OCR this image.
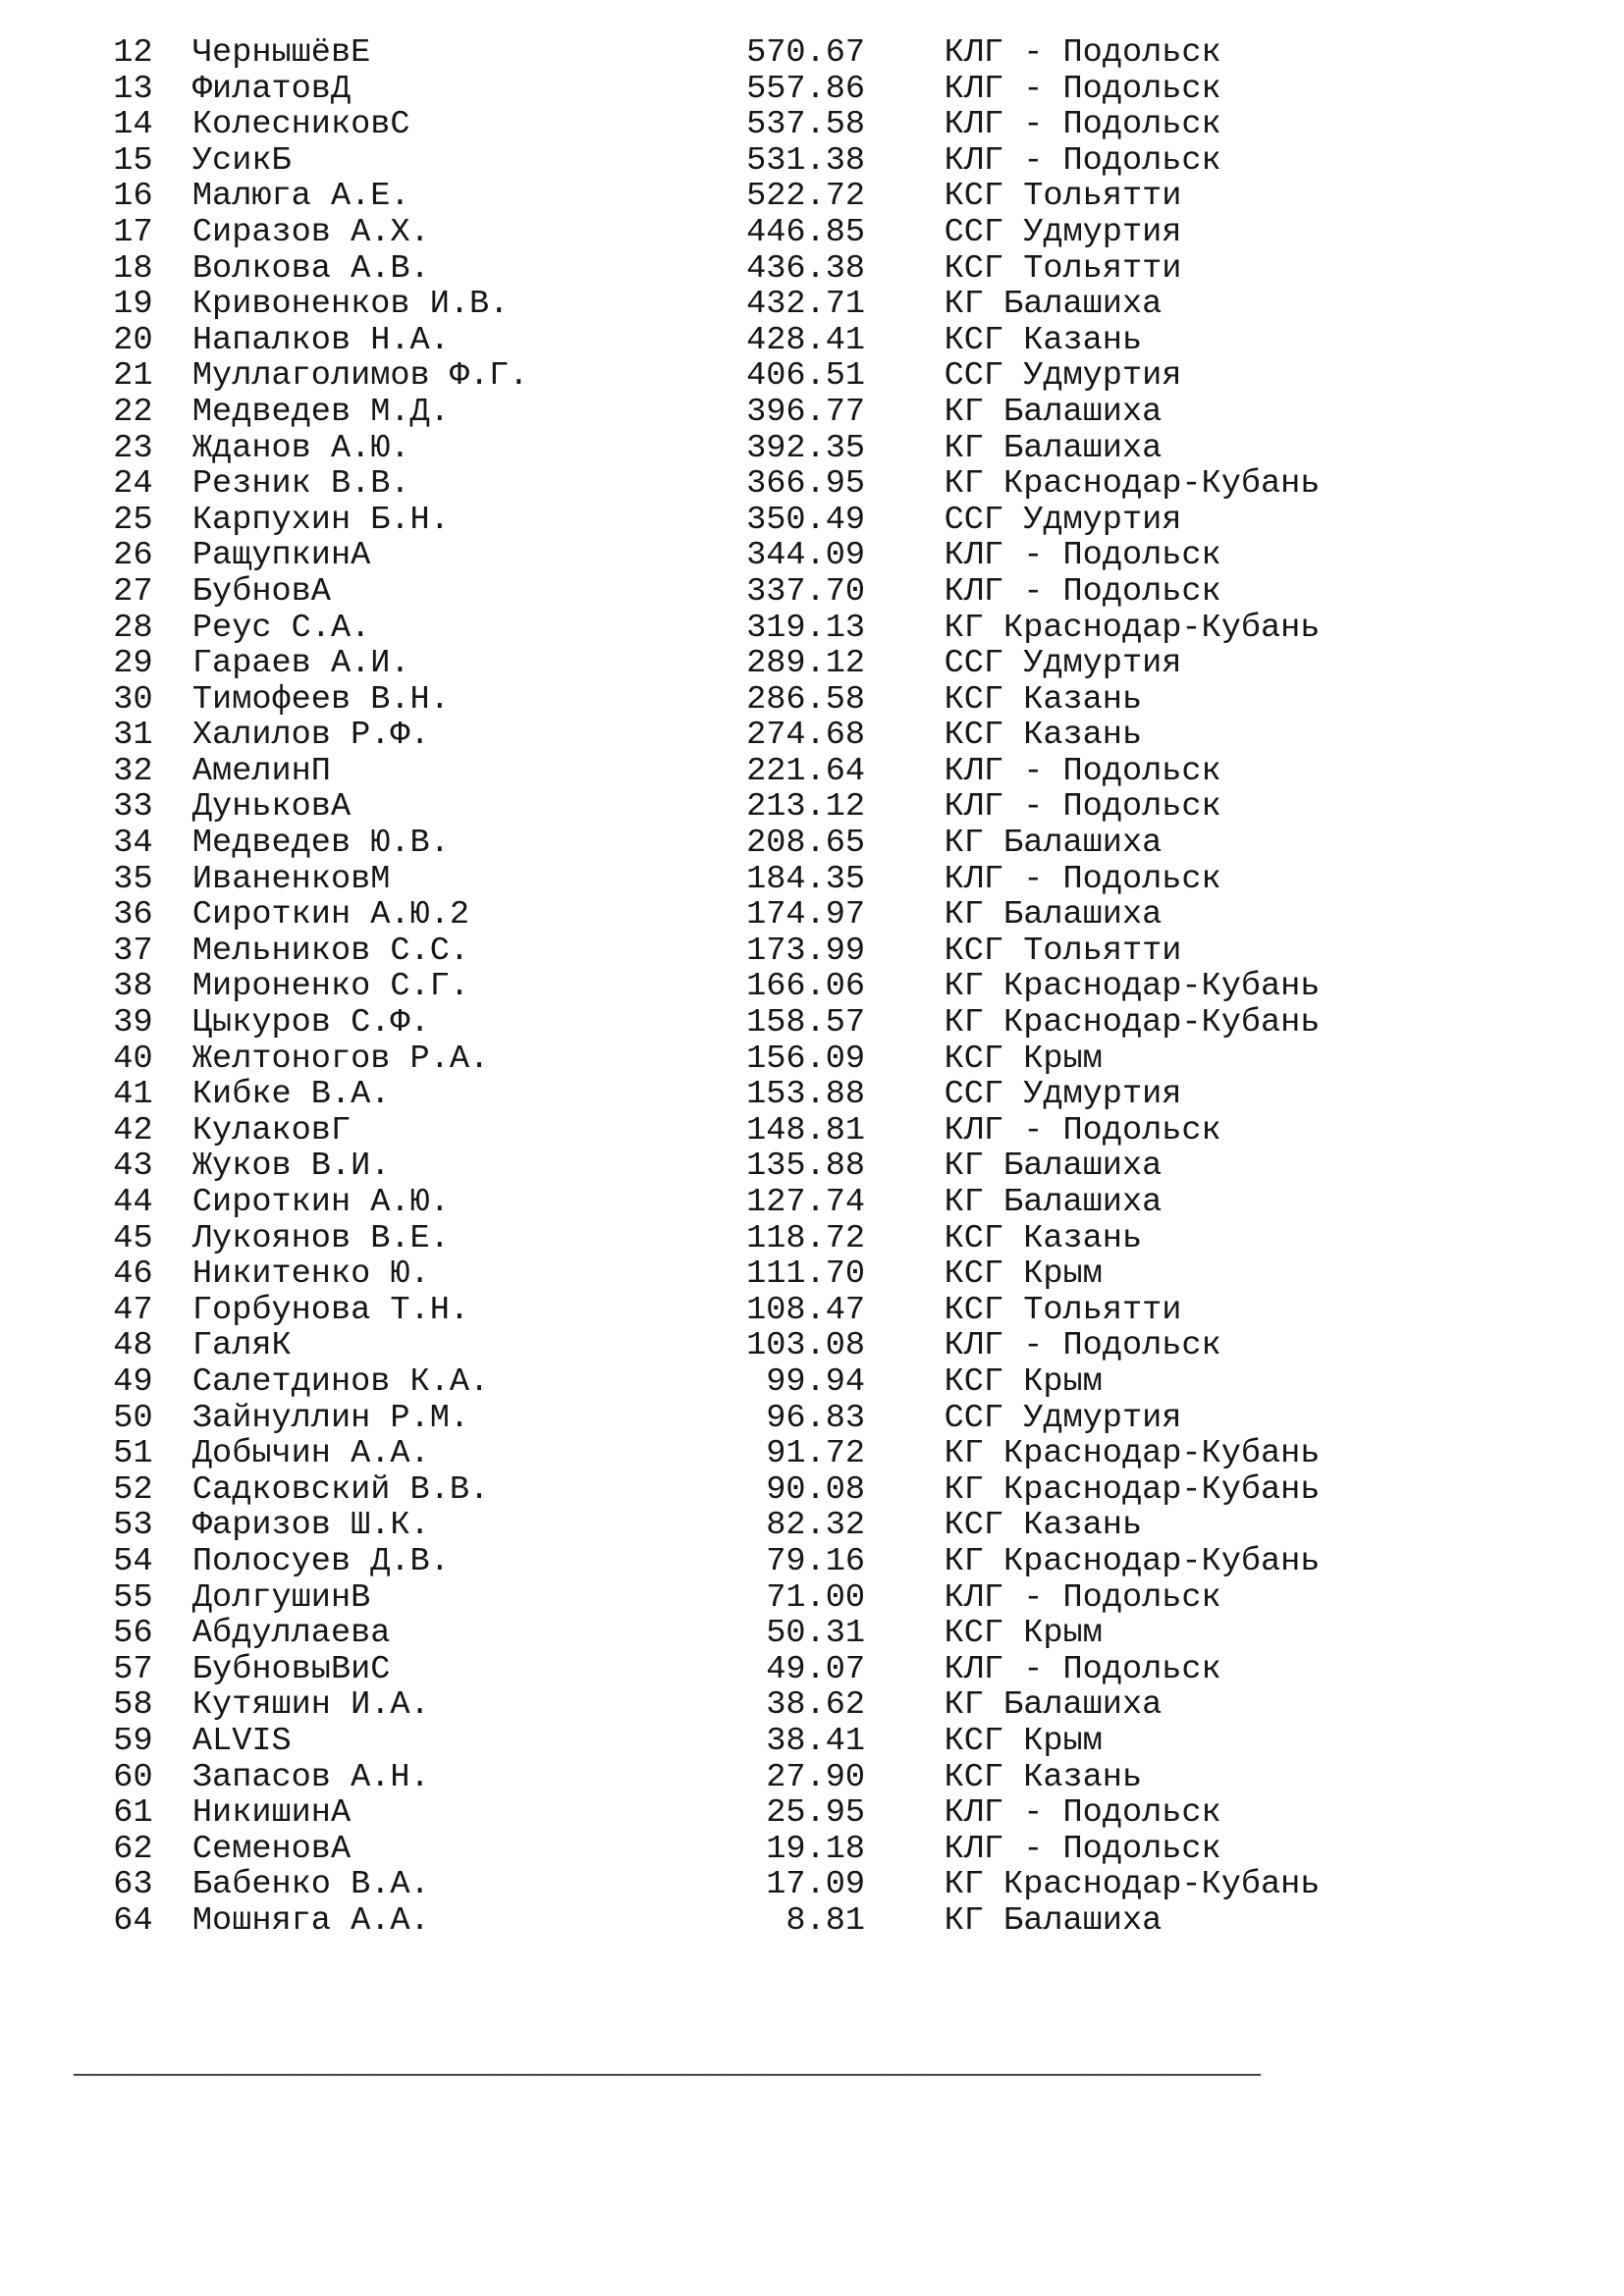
12  ЧернышёвЕ                   570.67    КЛГ - Подольск
13  ФилатовД                    557.86    КЛГ - Подольск
14  КолесниковС                 537.58    КЛГ - Подольск
15  УсикБ                       531.38    КЛГ - Подольск
16  Малюга А.Е.                 522.72    КСГ Тольятти
17  Сиразов А.Х.                446.85    ССГ Удмуртия
18  Волкова А.В.                436.38    КСГ Тольятти
19  Кривоненков И.В.            432.71    КГ Балашиха
20  Напалков Н.А.               428.41    КСГ Казань
21  Муллаголимов Ф.Г.           406.51    ССГ Удмуртия
22  Медведев М.Д.               396.77    КГ Балашиха
23  Жданов А.Ю.                 392.35    КГ Балашиха
24  Резник В.В.                 366.95    КГ Краснодар-Кубань
25  Карпухин Б.Н.               350.49    ССГ Удмуртия
26  РащупкинА                   344.09    КЛГ - Подольск
27  БубновА                     337.70    КЛГ - Подольск
28  Реус С.А.                   319.13    КГ Краснодар-Кубань
29  Гараев А.И.                 289.12    ССГ Удмуртия
30  Тимофеев В.Н.               286.58    КСГ Казань
31  Халилов Р.Ф.                274.68    КСГ Казань
32  АмелинП                     221.64    КЛГ - Подольск
33  ДуньковА                    213.12    КЛГ - Подольск
34  Медведев Ю.В.               208.65    КГ Балашиха
35  ИваненковМ                  184.35    КЛГ - Подольск
36  Сироткин А.Ю.2              174.97    КГ Балашиха
37  Мельников С.С.              173.99    КСГ Тольятти
38  Мироненко С.Г.              166.06    КГ Краснодар-Кубань
39  Цыкуров С.Ф.                158.57    КГ Краснодар-Кубань
40  Желтоногов Р.А.             156.09    КСГ Крым
41  Кибке В.А.                  153.88    ССГ Удмуртия
42  КулаковГ                    148.81    КЛГ - Подольск
43  Жуков В.И.                  135.88    КГ Балашиха
44  Сироткин А.Ю.               127.74    КГ Балашиха
45  Лукоянов В.Е.               118.72    КСГ Казань
46  Никитенко Ю.                111.70    КСГ Крым
47  Горбунова Т.Н.              108.47    КСГ Тольятти
48  ГаляК                       103.08    КЛГ - Подольск
49  Салетдинов К.А.              99.94    КСГ Крым
50  Зайнуллин Р.М.               96.83    ССГ Удмуртия
51  Добычин А.А.                 91.72    КГ Краснодар-Кубань
52  Садковский В.В.              90.08    КГ Краснодар-Кубань
53  Фаризов Ш.К.                 82.32    КСГ Казань
54  Полосуев Д.В.                79.16    КГ Краснодар-Кубань
55  ДолгушинВ                    71.00    КЛГ - Подольск
56  Абдуллаева                   50.31    КСГ Крым
57  БубновыВиС                   49.07    КЛГ - Подольск
58  Кутяшин И.А.                 38.62    КГ Балашиха
59  ALVIS                        38.41    КСГ Крым
60  Запасов А.Н.                 27.90    КСГ Казань
61  НикишинА                     25.95    КЛГ - Подольск
62  СеменовА                     19.18    КЛГ - Подольск
63  Бабенко В.А.                 17.09    КГ Краснодар-Кубань
64  Мошняга А.А.                  8.81    КГ Балашиха

____________________________________________________________
